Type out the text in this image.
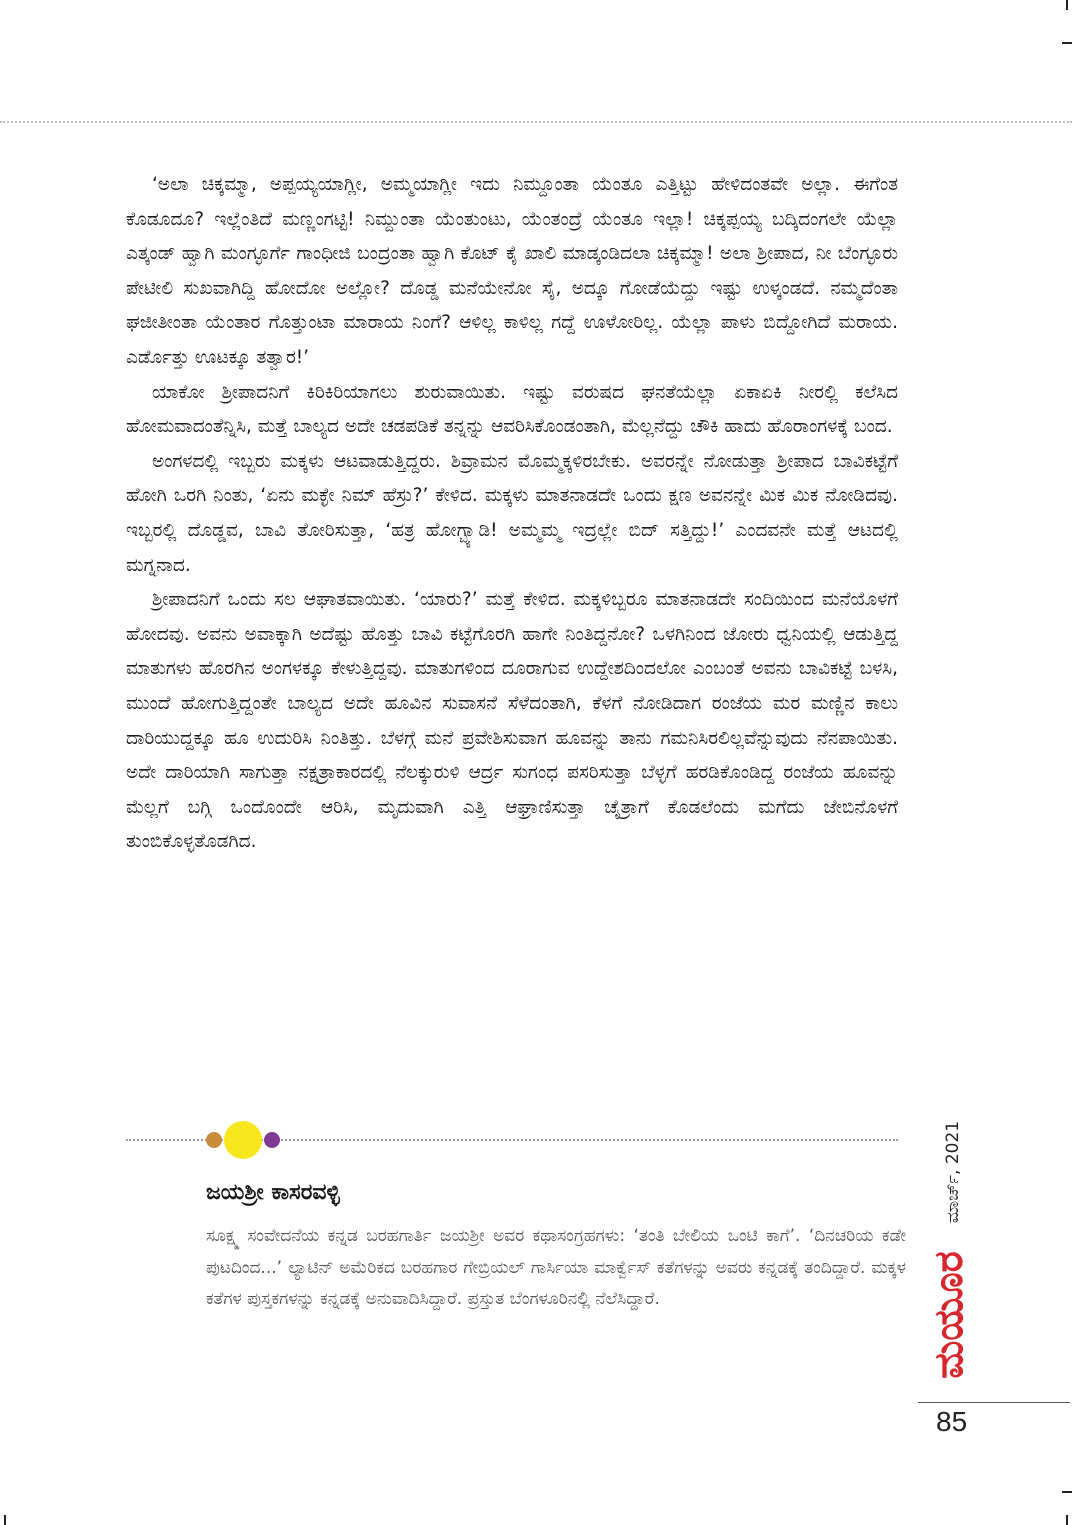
‘ಅಲಾ ಚಿಕ್ಕಮ್ಮಾ, ಅಪ್ಪಯ್ಯಯಾಗ್ಲೀ, ಅಮ್ಮಯಾಗ್ಲೀ ಇದು ನಿಮ್ದೂಂತಾ ಯೆಂತೂ ಎತ್ತಿಟ್ಟು ಹೇಳಿದಂತವೇ ಅಲ್ಲಾ. ಈಗೆಂತ ಕೊಡೂದೂ? ಇಲ್ಲೆಂತಿದೆ ಮಣ್ಣಂಗಟ್ಟಿ! ನಿಮ್ದುಂತಾ ಯೆಂತುಂಟು, ಯೆಂತಂದ್ರೆ ಯೆಂತೂ ಇಲ್ಲಾ! ಚಿಕ್ಕಪ್ಪಯ್ಯ ಬದ್ಕಿದಂಗಲೇ ಯೆಲ್ಲಾ ಎತ್ಕಂಡ್ ಹ್ವಾಗಿ ಮಂಗ್ಳೂರ್ಗೆ ಗಾಂಧೀಜಿ ಬಂದ್ರಂತಾ ಹ್ವಾಗಿ ಕೊಟ್ ಕೈ ಖಾಲಿ ಮಾಡ್ಕಂಡಿದಲಾ ಚಿಕ್ಕಮ್ಮಾ! ಅಲಾ ಶ್ರೀಪಾದ, ನೀ ಬೆಂಗ್ಳೂರು ಪೇಟೀಲಿ ಸುಖವಾಗಿದ್ದಿ ಹೋದೋ ಅಲ್ಲೋ? ದೊಡ್ಡ ಮನೆಯೇನೋ ಸೈ, ಅದ್ಕೂ ಗೋಡೆಯೆದ್ದು ಇಷ್ಟು ಉಳ್ಕಂಡದೆ. ನಮ್ಮದೆಂತಾ ಘಜೀತೀಂತಾ ಯೆಂತಾರ ಗೊತ್ತುಂಟಾ ಮಾರಾಯ ನಿಂಗೆ? ಆಳಿಲ್ಲ ಕಾಳಿಲ್ಲ ಗದ್ದೆ ಊಳೋರಿಲ್ಲ. ಯೆಲ್ಲಾ ಪಾಳು ಬಿದ್ದೋಗಿದೆ ಮರಾಯ. ಎರ್ಡೊತ್ತು ಊಟಕ್ಕೂ ತತ್ವಾರ!’

ಯಾಕೋ ಶ್ರೀಪಾದನಿಗೆ ಕಿರಿಕಿರಿಯಾಗಲು ಶುರುವಾಯಿತು. ಇಷ್ಟು ವರುಷದ ಘನತೆಯೆಲ್ಲಾ ಏಕಾಏಕಿ ನೀರಲ್ಲಿ ಕಲೆಸಿದ ಹೋಮವಾದಂತೆನ್ನಿಸಿ, ಮತ್ತೆ ಬಾಲ್ಯದ ಅದೇ ಚಡಪಡಿಕೆ ತನ್ನನ್ನು ಆವರಿಸಿಕೊಂಡಂತಾಗಿ, ಮೆಲ್ಲನೆದ್ದು ಚೌಕಿ ಹಾದು ಹೊರಾಂಗಳಕ್ಕೆ ಬಂದ.

ಅಂಗಳದಲ್ಲಿ ಇಬ್ಬರು ಮಕ್ಕಳು ಆಟವಾಡುತ್ತಿದ್ದರು. ಶಿವ್ರಾಮನ ಮೊಮ್ಮಕ್ಕಳಿರಬೇಕು. ಅವರನ್ನೇ ನೋಡುತ್ತಾ ಶ್ರೀಪಾದ ಬಾವಿಕಟ್ಟೆಗೆ ಹೋಗಿ ಒರಗಿ ನಿಂತು, ‘ಏನು ಮಕ್ಳೇ ನಿಮ್ ಹೆಸ್ರು?’ ಕೇಳಿದ. ಮಕ್ಕಳು ಮಾತನಾಡದೇ ಒಂದು ಕ್ಷಣ ಅವನನ್ನೇ ಮಿಕ ಮಿಕ ನೋಡಿದವು. ಇಬ್ಬರಲ್ಲಿ ದೊಡ್ಡವ, ಬಾವಿ ತೋರಿಸುತ್ತಾ, ‘ಹತ್ರ ಹೋಗ್ಬ್ಯಾಡಿ! ಅಮ್ಮಮ್ಮ ಇದ್ರಲ್ಲೇ ಬಿದ್ ಸತ್ತಿದ್ದು!’ ಎಂದವನೇ ಮತ್ತೆ ಆಟದಲ್ಲಿ ಮಗ್ನನಾದ.

ಶ್ರೀಪಾದನಿಗೆ ಒಂದು ಸಲ ಆಘಾತವಾಯಿತು. ‘ಯಾರು?’ ಮತ್ತೆ ಕೇಳಿದ. ಮಕ್ಕಳಿಬ್ಬರೂ ಮಾತನಾಡದೇ ಸಂದಿಯಿಂದ ಮನೆಯೊಳಗೆ ಹೋದವು. ಅವನು ಅವಾಕ್ಕಾಗಿ ಅದೆಷ್ಟು ಹೊತ್ತು ಬಾವಿ ಕಟ್ಟೆಗೊರಗಿ ಹಾಗೇ ನಿಂತಿದ್ದನೋ? ಒಳಗಿನಿಂದ ಜೋರು ಧ್ವನಿಯಲ್ಲಿ ಆಡುತ್ತಿದ್ದ ಮಾತುಗಳು ಹೊರಗಿನ ಅಂಗಳಕ್ಕೂ ಕೇಳುತ್ತಿದ್ದವು. ಮಾತುಗಳಿಂದ ದೂರಾಗುವ ಉದ್ದೇಶದಿಂದಲೋ ಎಂಬಂತೆ ಅವನು ಬಾವಿಕಟ್ಟೆ ಬಳಸಿ, ಮುಂದೆ ಹೋಗುತ್ತಿದ್ದಂತೇ ಬಾಲ್ಯದ ಅದೇ ಹೂವಿನ ಸುವಾಸನೆ ಸೆಳೆದಂತಾಗಿ, ಕೆಳಗೆ ನೋಡಿದಾಗ ರಂಜೆಯ ಮರ ಮಣ್ಣಿನ ಕಾಲು ದಾರಿಯುದ್ದಕ್ಕೂ ಹೂ ಉದುರಿಸಿ ನಿಂತಿತ್ತು. ಬೆಳಗ್ಗೆ ಮನೆ ಪ್ರವೇಶಿಸುವಾಗ ಹೂವನ್ನು ತಾನು ಗಮನಿಸಿರಲಿಲ್ಲವೆನ್ನುವುದು ನೆನಪಾಯಿತು. ಅದೇ ದಾರಿಯಾಗಿ ಸಾಗುತ್ತಾ ನಕ್ಷತ್ರಾಕಾರದಲ್ಲಿ ನೆಲಕ್ಕುರುಳಿ ಆರ್ದ್ರ ಸುಗಂಧ ಪಸರಿಸುತ್ತಾ ಬೆಳ್ಳಗೆ ಹರಡಿಕೊಂಡಿದ್ದ ರಂಜೆಯ ಹೂವನ್ನು ಮೆಲ್ಲಗೆ ಬಗ್ಗಿ ಒಂದೊಂದೇ ಆರಿಸಿ, ಮೃದುವಾಗಿ ಎತ್ತಿ ಆಘ್ರಾಣಿಸುತ್ತಾ ಚೈತ್ರಾಗೆ ಕೊಡಲೆಂದು ಮಗೆದು ಜೇಬಿನೊಳಗೆ ತುಂಬಿಕೊಳ್ಳತೊಡಗಿದ.

ಜಯಶ್ರೀ ಕಾಸರವಳ್ಳಿ

ಸೂಕ್ಷ್ಮ ಸಂವೇದನೆಯ ಕನ್ನಡ ಬರಹಗಾರ್ತಿ ಜಯಶ್ರೀ ಅವರ ಕಥಾಸಂಗ್ರಹಗಳು: ‘ತಂತಿ ಬೇಲಿಯ ಒಂಟಿ ಕಾಗೆ’. ‘ದಿನಚರಿಯ ಕಡೇ ಪುಟದಿಂದ...’ ಲ್ಯಾಟಿನ್ ಅಮೆರಿಕದ ಬರಹಗಾರ ಗೇಬ್ರಿಯಲ್ ಗಾರ್ಸಿಯಾ ಮಾರ್ಕ್ವೆಸ್ ಕತೆಗಳನ್ನು ಅವರು ಕನ್ನಡಕ್ಕೆ ತಂದಿದ್ದಾರೆ. ಮಕ್ಕಳ ಕತೆಗಳ ಪುಸ್ತಕಗಳನ್ನು ಕನ್ನಡಕ್ಕೆ ಅನುವಾದಿಸಿದ್ದಾರೆ. ಪ್ರಸ್ತುತ ಬೆಂಗಳೂರಿನಲ್ಲಿ ನೆಲೆಸಿದ್ದಾರೆ.

ಮಾರ್ಚ್, 2021
ಮಯೂರ
85
